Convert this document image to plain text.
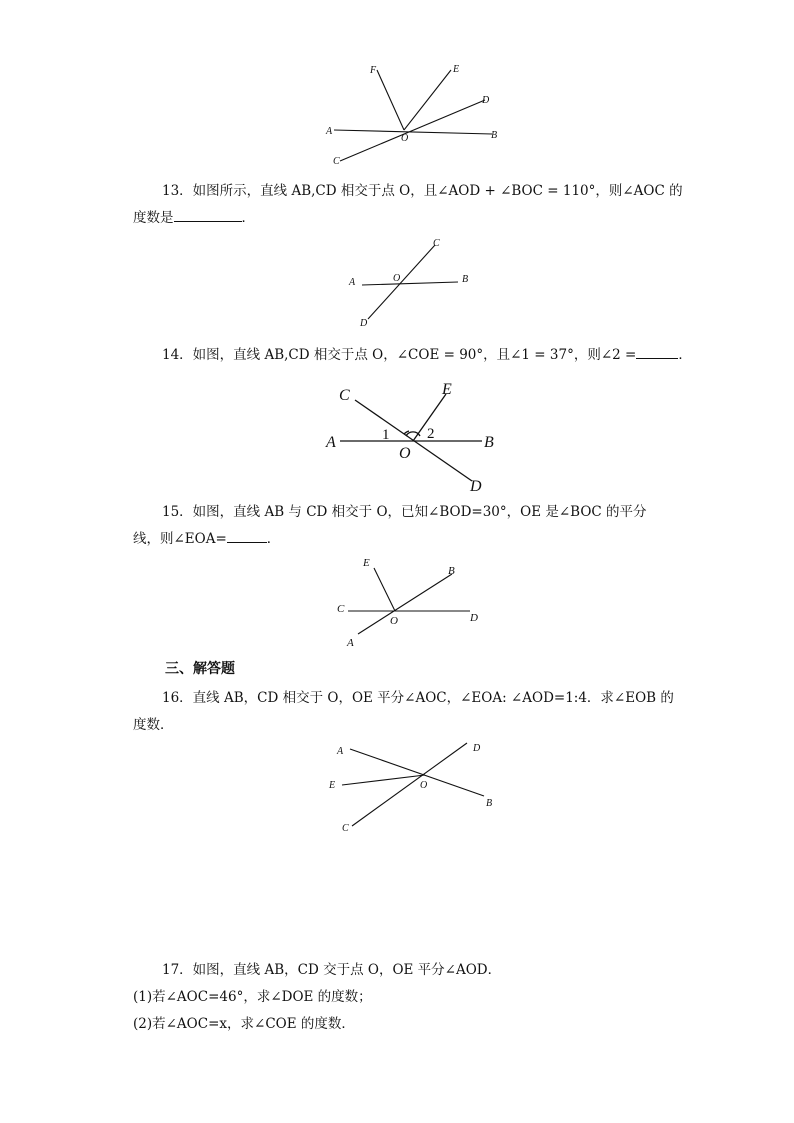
F	E
D
A
O	B
C
13．如图所示，直线 AB,CD 相交于点 O，且∠AOD + ∠BOC = 110°，则∠AOC 的
度数是	．
C
A	O	B
D
14．如图，直线 AB,CD 相交于点 O，∠COE = 90°，且∠1 = 37°，则∠2 =	．
C	E
A	1	2	B
O
D
15．如图，直线 AB 与 CD 相交于 O，已知∠BOD=30°，OE 是∠BOC 的平分
线，则∠EOA=	．
E
B
C
O	D
A
三、解答题
16．直线 AB，CD 相交于 O，OE 平分∠AOC，∠EOA: ∠AOD=1:4．求∠EOB 的
度数．
A	D
E	O
B
C
17．如图，直线 AB，CD 交于点 O，OE 平分∠AOD．
(1)若∠AOC=46°，求∠DOE 的度数；
(2)若∠AOC=x，求∠COE 的度数．
